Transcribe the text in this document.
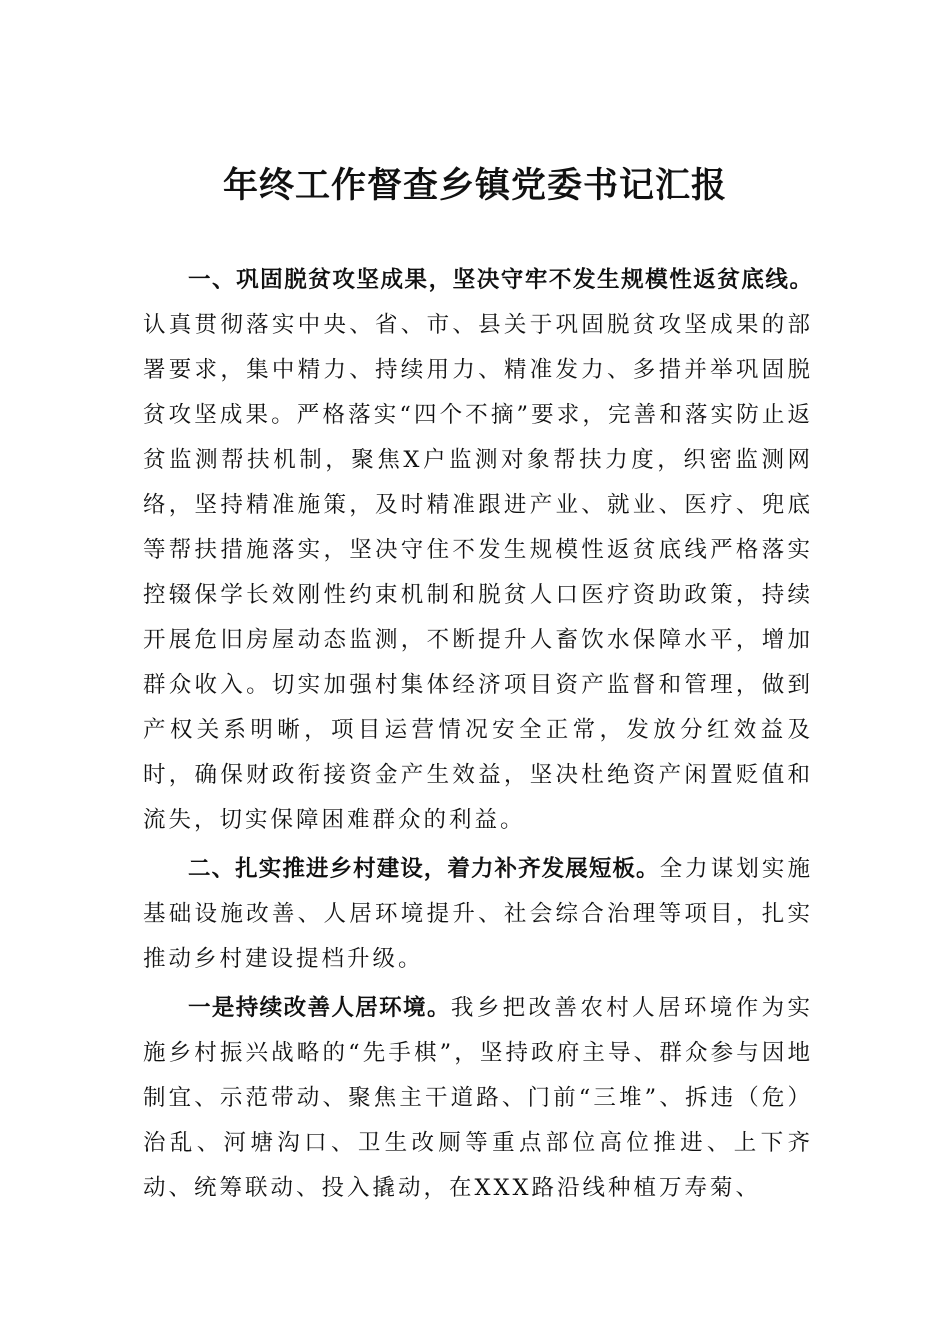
年终工作督查乡镇党委书记汇报

一、巩固脱贫攻坚成果，坚决守牢不发生规模性返贫底线。认真贯彻落实中央、省、市、县关于巩固脱贫攻坚成果的部署要求，集中精力、持续用力、精准发力、多措并举巩固脱贫攻坚成果。严格落实“四个不摘”要求，完善和落实防止返贫监测帮扶机制，聚焦X户监测对象帮扶力度，织密监测网络，坚持精准施策，及时精准跟进产业、就业、医疗、兜底等帮扶措施落实，坚决守住不发生规模性返贫底线严格落实控辍保学长效刚性约束机制和脱贫人口医疗资助政策，持续开展危旧房屋动态监测，不断提升人畜饮水保障水平，增加群众收入。切实加强村集体经济项目资产监督和管理，做到产权关系明晰，项目运营情况安全正常，发放分红效益及时，确保财政衔接资金产生效益，坚决杜绝资产闲置贬值和流失，切实保障困难群众的利益。

二、扎实推进乡村建设，着力补齐发展短板。全力谋划实施基础设施改善、人居环境提升、社会综合治理等项目，扎实推动乡村建设提档升级。

一是持续改善人居环境。我乡把改善农村人居环境作为实施乡村振兴战略的“先手棋”，坚持政府主导、群众参与因地制宜、示范带动、聚焦主干道路、门前“三堆”、拆违（危）治乱、河塘沟口、卫生改厕等重点部位高位推进、上下齐动、统筹联动、投入撬动，在XXX路沿线种植万寿菊、
